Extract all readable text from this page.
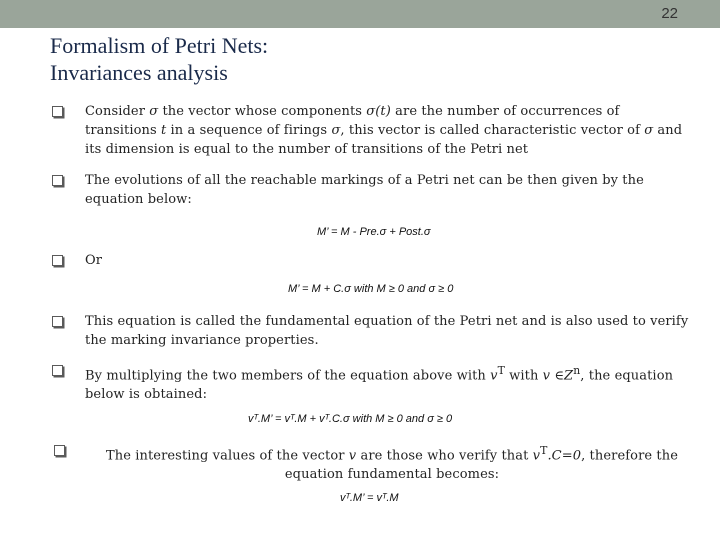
22
Formalism of Petri Nets:
Invariances analysis
Consider σ the vector whose components σ(t) are the number of occurrences of transitions t in a sequence of firings σ, this vector is called characteristic vector of σ and its dimension is equal to the number of transitions of the Petri net
The evolutions of all the reachable markings of a Petri net can be then given by the equation below:
M’ = M - Pre.σ + Post.σ
Or
M’ = M + C.σ with M ≥ 0 and σ ≥ 0
This equation is called the fundamental equation of the Petri net and is also used to verify the marking invariance properties.
By multiplying the two members of the equation above with $v^T$ with v $\in Z^n$, the equation below is obtained:
vᵀ.M’ = vᵀ.M + vᵀ.C.σ with M ≥ 0 and σ ≥ 0
The interesting values of the vector v are those who verify that $v^T.C=0$, therefore the equation fundamental becomes:
vᵀ.M’ = vᵀ.M
